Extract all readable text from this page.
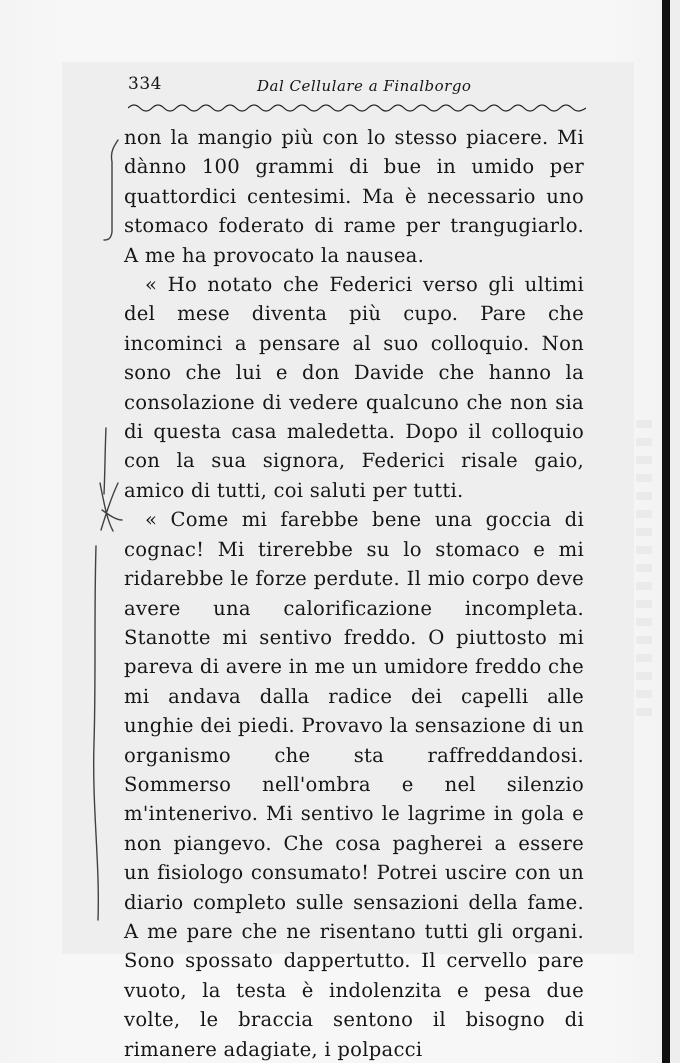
334	Dal Cellulare a Finalborgo

non la mangio più con lo stesso piacere. Mi dànno 100 grammi di bue in umido per quattordici centesimi. Ma è necessario uno stomaco foderato di rame per trangugiarlo. A me ha provocato la nausea.

« Ho notato che Federici verso gli ultimi del mese diventa più cupo. Pare che incominci a pensare al suo colloquio. Non sono che lui e don Davide che hanno la consolazione di vedere qualcuno che non sia di questa casa maledetta. Dopo il colloquio con la sua signora, Federici risale gaio, amico di tutti, coi saluti per tutti.

« Come mi farebbe bene una goccia di cognac! Mi tirerebbe su lo stomaco e mi ridarebbe le forze perdute. Il mio corpo deve avere una calorificazione incompleta. Stanotte mi sentivo freddo. O piuttosto mi pareva di avere in me un umidore freddo che mi andava dalla radice dei capelli alle unghie dei piedi. Provavo la sensazione di un organismo che sta raffreddandosi. Sommerso nell'ombra e nel silenzio m'intenerivo. Mi sentivo le lagrime in gola e non piangevo. Che cosa pagherei a essere un fisiologo consumato! Potrei uscire con un diario completo sulle sensazioni della fame. A me pare che ne risentano tutti gli organi. Sono spossato dappertutto. Il cervello pare vuoto, la testa è indolenzita e pesa due volte, le braccia sentono il bisogno di rimanere adagiate, i polpacci
